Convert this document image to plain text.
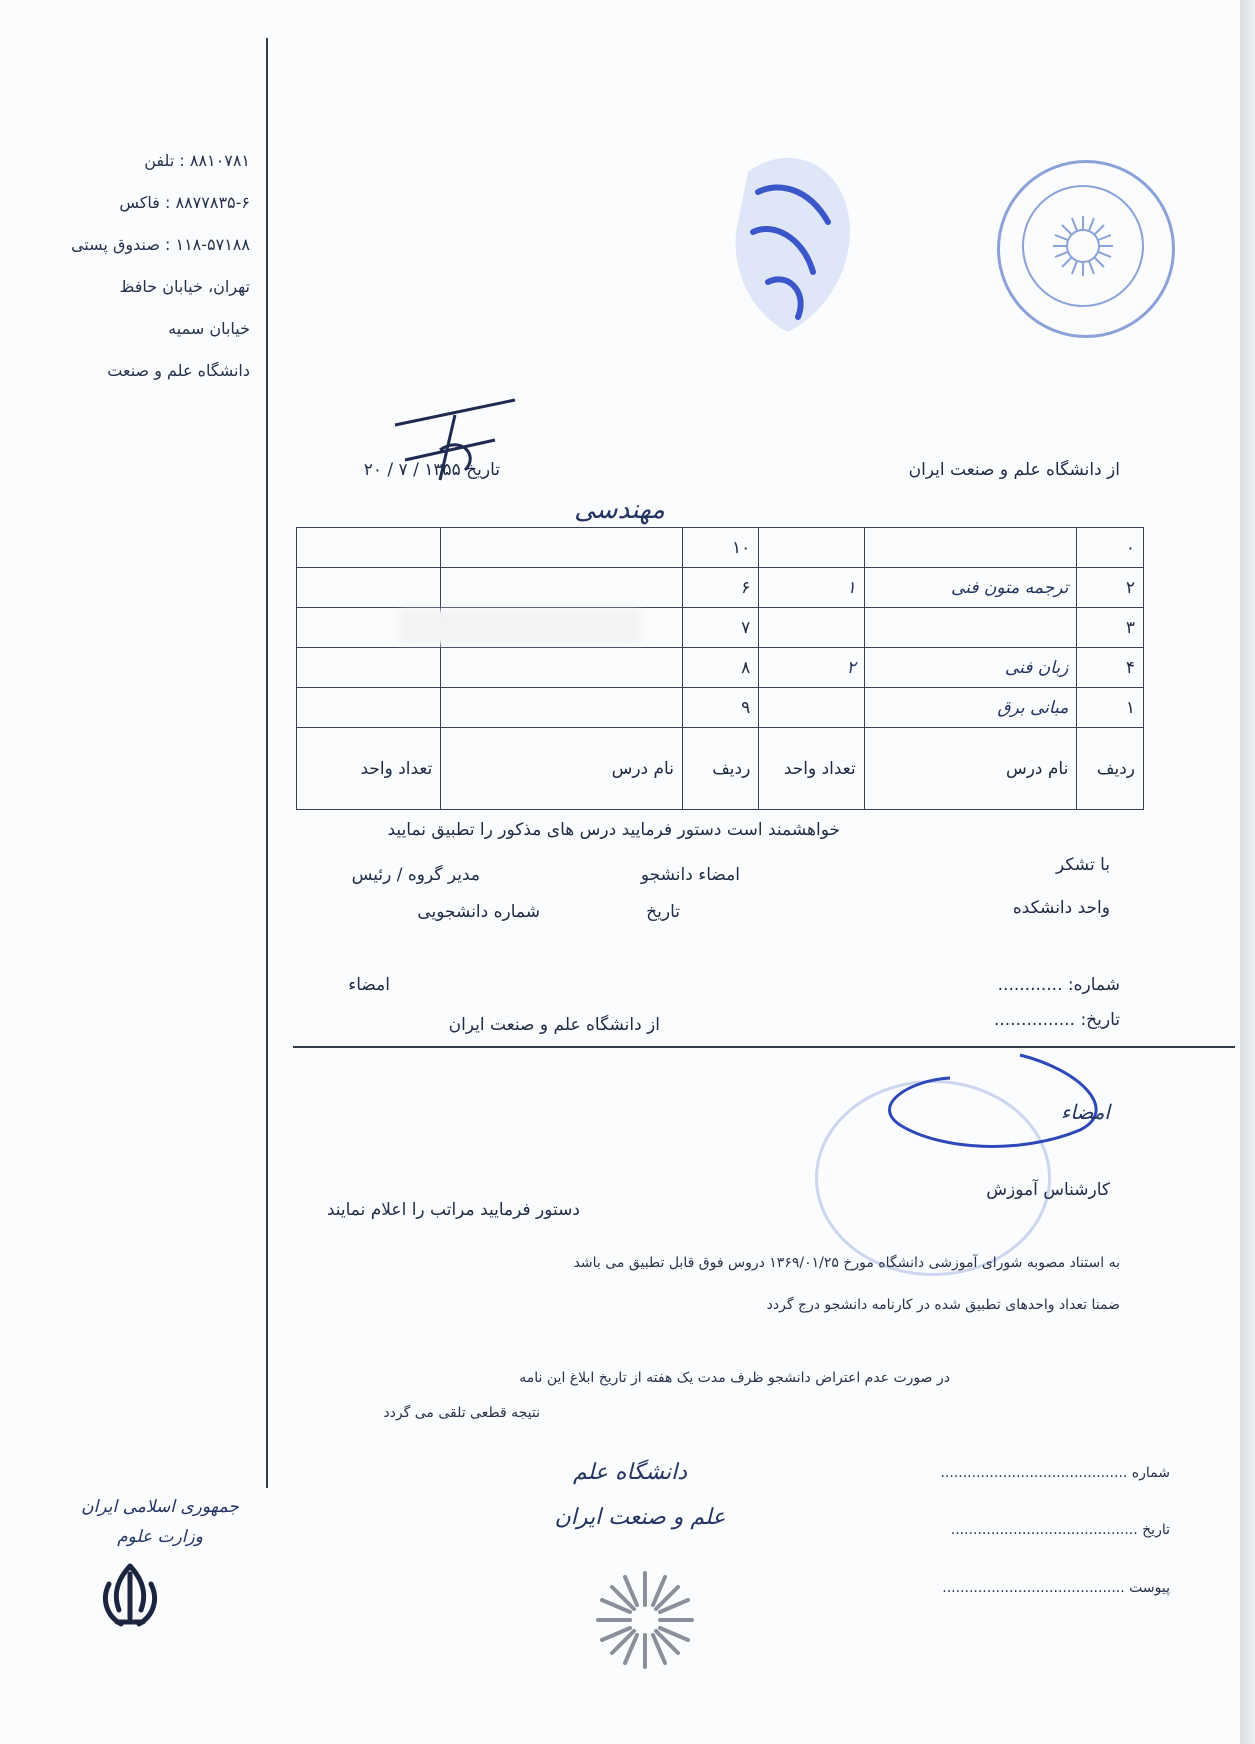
۸۸۱۰۷۸۱ : تلفن
۸۸۷۷۸۳۵-۶ : فاکس
۱۱۸-۵۷۱۸۸ : صندوق پستی
تهران، خیابان حافظ
خیابان سمیه
دانشگاه علم و صنعت
جمهوری اسلامی ایران
وزارت علوم
تاریخ ۱۳۵۵ / ۷ / ۲۰	از دانشگاه علم و صنعت ایران
مهندسی
۰			۱۰		
۲	ترجمه متون فنی	۱	۶		
۳			۷		
۴	زبان فنی	۲	۸		
۱	مبانی برق		۹		
ردیف	نام درس	تعداد واحد	ردیف	نام درس	تعداد واحد
خواهشمند است دستور فرمایید درس های مذکور را تطبیق نمایید
با تشکر
امضاء دانشجو
مدیر گروه / رئیس
واحد دانشکده
تاریخ
شماره دانشجویی
امضاء
از دانشگاه علم و صنعت ایران
شماره: ............
تاریخ: ...............
امضاء
کارشناس آموزش
دستور فرمایید مراتب را اعلام نمایند
به استناد مصوبه شورای آموزشی دانشگاه مورخ ۱۳۶۹/۰۱/۲۵ دروس فوق قابل تطبیق می باشد
ضمنا تعداد واحدهای تطبیق شده در کارنامه دانشجو درج گردد
در صورت عدم اعتراض دانشجو ظرف مدت یک هفته از تاریخ ابلاغ این نامه
نتیجه قطعی تلقی می گردد
دانشگاه علم
علم و صنعت ایران
شماره ..........................................
تاریخ ..........................................
پیوست .........................................
